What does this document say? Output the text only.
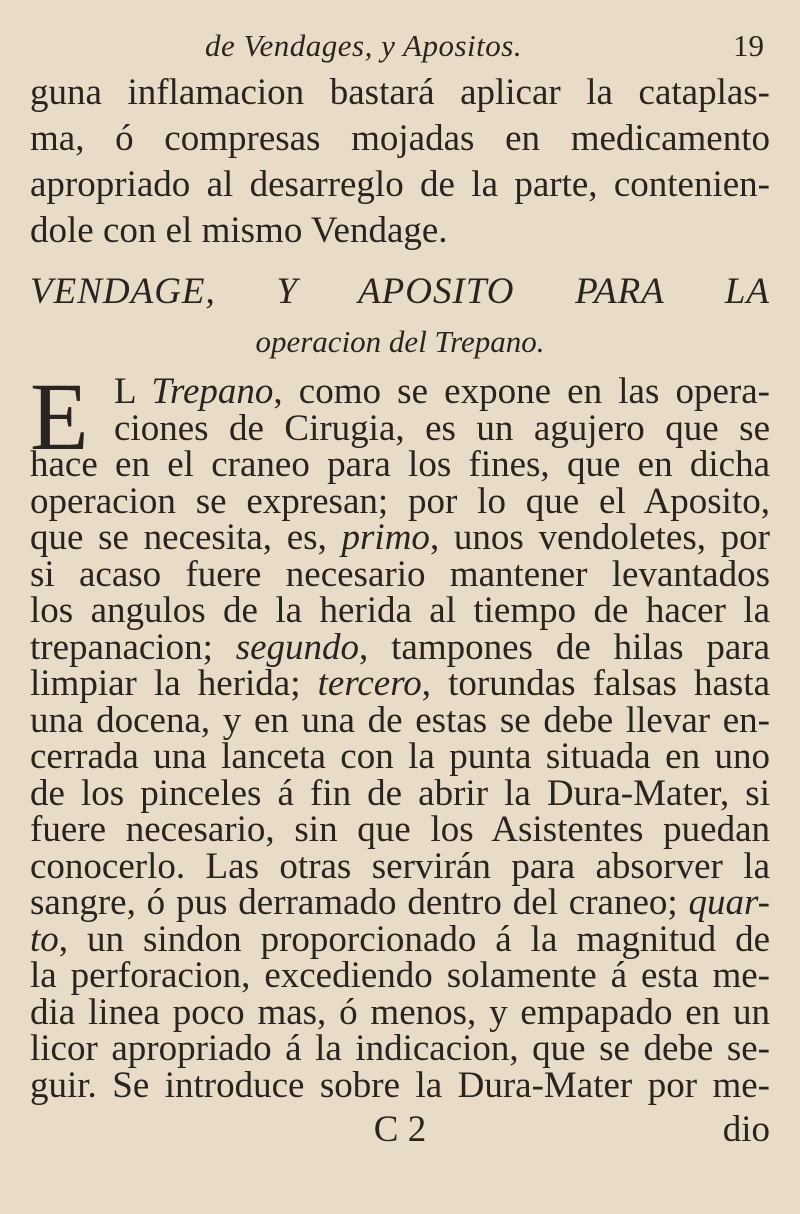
de Vendages, y Apositos.	19
guna inflamacion bastará aplicar la cataplas-
ma, ó compresas mojadas en medicamento
apropriado al desarreglo de la parte, contenien-
dole con el mismo Vendage.
VENDAGE, Y APOSITO PARA LA
operacion del Trepano.
E L Trepano, como se expone en las opera-
ciones de Cirugia, es un agujero que se
hace en el craneo para los fines, que en dicha
operacion se expresan; por lo que el Aposito,
que se necesita, es, primo, unos vendoletes, por
si acaso fuere necesario mantener levantados
los angulos de la herida al tiempo de hacer la
trepanacion; segundo, tampones de hilas para
limpiar la herida; tercero, torundas falsas hasta
una docena, y en una de estas se debe llevar en-
cerrada una lanceta con la punta situada en uno
de los pinceles á fin de abrir la Dura-Mater, si
fuere necesario, sin que los Asistentes puedan
conocerlo. Las otras servirán para absorver la
sangre, ó pus derramado dentro del craneo; quar-
to, un sindon proporcionado á la magnitud de
la perforacion, excediendo solamente á esta me-
dia linea poco mas, ó menos, y empapado en un
licor apropriado á la indicacion, que se debe se-
guir. Se introduce sobre la Dura-Mater por me-
C 2	dio
